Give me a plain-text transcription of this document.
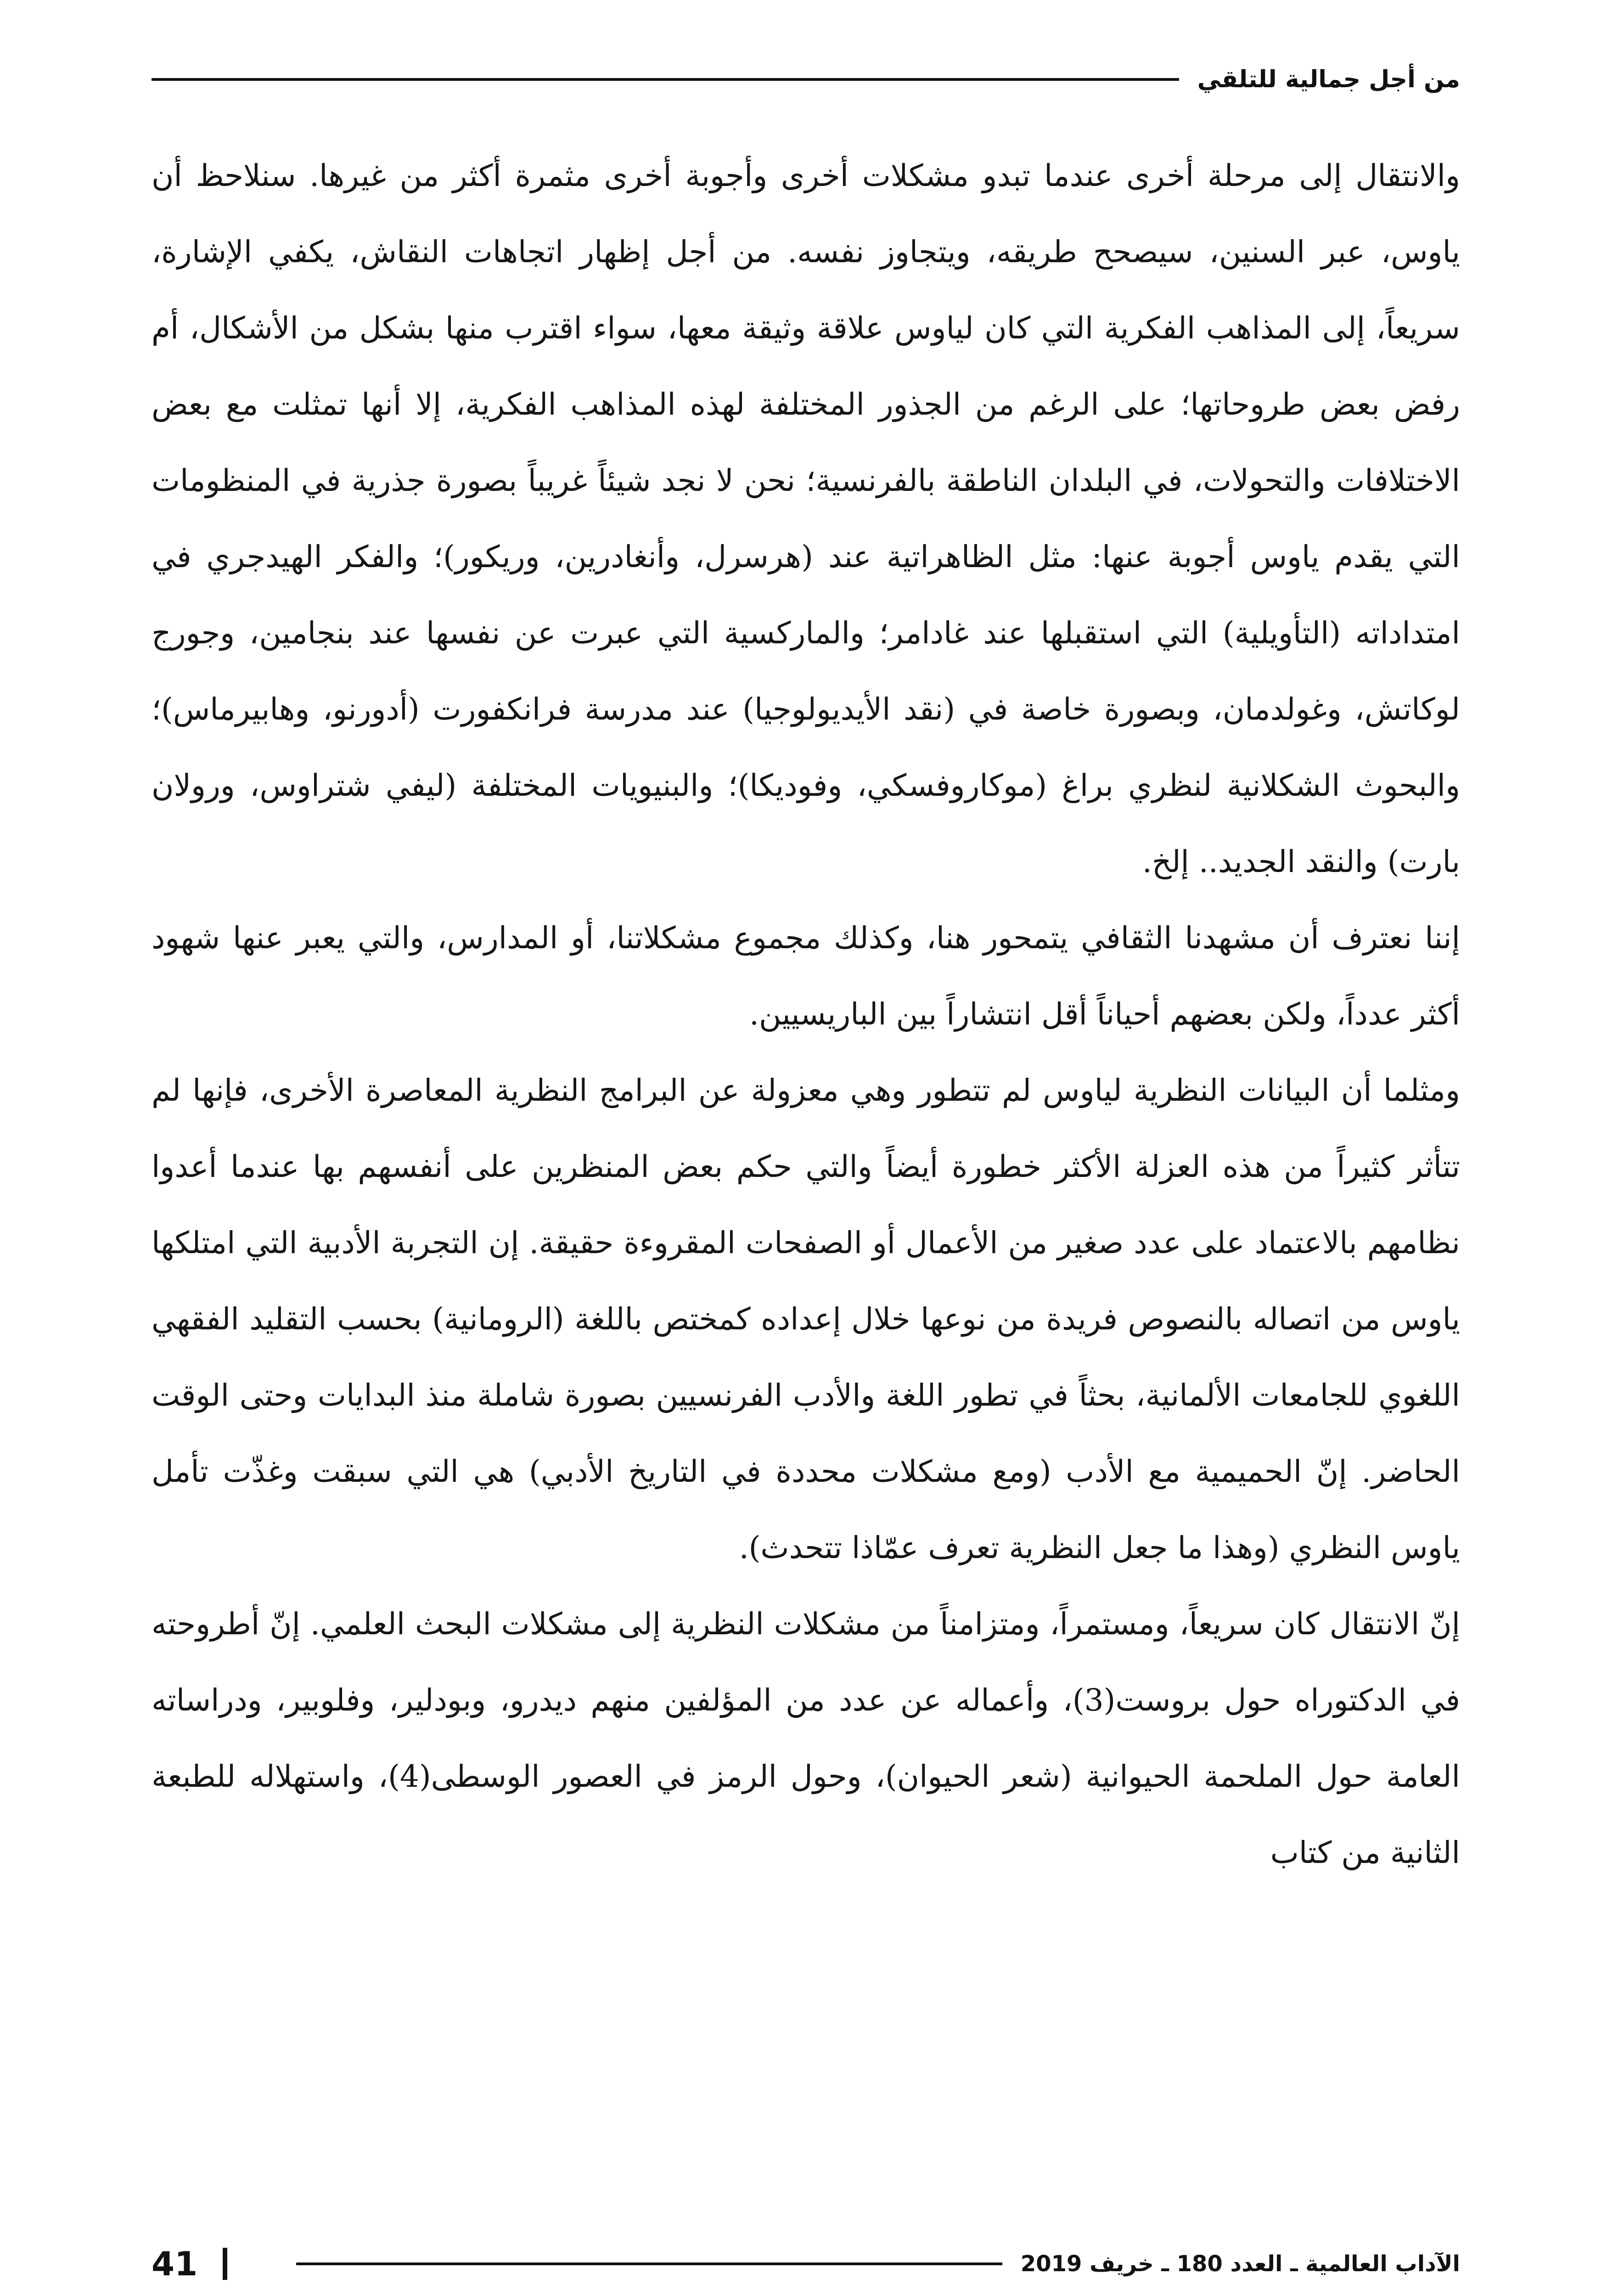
من أجل جمالية للتلقي

والانتقال إلى مرحلة أخرى عندما تبدو مشكلات أخرى وأجوبة أخرى مثمرة أكثر من غيرها. سنلاحظ أن ياوس، عبر السنين، سيصحح طريقه، ويتجاوز نفسه. من أجل إظهار اتجاهات النقاش، يكفي الإشارة، سريعاً، إلى المذاهب الفكرية التي كان لياوس علاقة وثيقة معها، سواء اقترب منها بشكل من الأشكال، أم رفض بعض طروحاتها؛ على الرغم من الجذور المختلفة لهذه المذاهب الفكرية، إلا أنها تمثلت مع بعض الاختلافات والتحولات، في البلدان الناطقة بالفرنسية؛ نحن لا نجد شيئاً غريباً بصورة جذرية في المنظومات التي يقدم ياوس أجوبة عنها: مثل الظاهراتية عند (هرسرل، وأنغادرين، وريكور)؛ والفكر الهيدجري في امتداداته (التأويلية) التي استقبلها عند غادامر؛ والماركسية التي عبرت عن نفسها عند بنجامين، وجورج لوكاتش، وغولدمان، وبصورة خاصة في (نقد الأيديولوجيا) عند مدرسة فرانكفورت (أدورنو، وهابيرماس)؛ والبحوث الشكلانية لنظري براغ (موكاروفسكي، وفوديكا)؛ والبنيويات المختلفة (ليفي شتراوس، ورولان بارت) والنقد الجديد.. إلخ.

إننا نعترف أن مشهدنا الثقافي يتمحور هنا، وكذلك مجموع مشكلاتنا، أو المدارس، والتي يعبر عنها شهود أكثر عدداً، ولكن بعضهم أحياناً أقل انتشاراً بين الباريسيين.

ومثلما أن البيانات النظرية لياوس لم تتطور وهي معزولة عن البرامج النظرية المعاصرة الأخرى، فإنها لم تتأثر كثيراً من هذه العزلة الأكثر خطورة أيضاً والتي حكم بعض المنظرين على أنفسهم بها عندما أعدوا نظامهم بالاعتماد على عدد صغير من الأعمال أو الصفحات المقروءة حقيقة. إن التجربة الأدبية التي امتلكها ياوس من اتصاله بالنصوص فريدة من نوعها خلال إعداده كمختص باللغة (الرومانية) بحسب التقليد الفقهي اللغوي للجامعات الألمانية، بحثاً في تطور اللغة والأدب الفرنسيين بصورة شاملة منذ البدايات وحتى الوقت الحاضر. إنّ الحميمية مع الأدب (ومع مشكلات محددة في التاريخ الأدبي) هي التي سبقت وغذّت تأمل ياوس النظري (وهذا ما جعل النظرية تعرف عمّاذا تتحدث).

إنّ الانتقال كان سريعاً، ومستمراً، ومتزامناً من مشكلات النظرية إلى مشكلات البحث العلمي. إنّ أطروحته في الدكتوراه حول بروست(3)، وأعماله عن عدد من المؤلفين منهم ديدرو، وبودلير، وفلوبير، ودراساته العامة حول الملحمة الحيوانية (شعر الحيوان)، وحول الرمز في العصور الوسطى(4)، واستهلاله للطبعة الثانية من كتاب

الآداب العالمية ـ العدد 180 ـ خريف 2019
41
